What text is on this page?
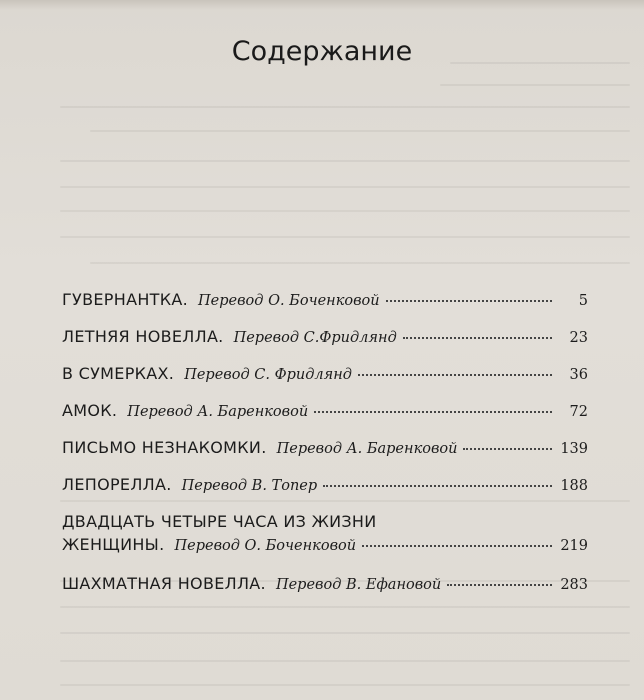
Содержание
ГУВЕРНАНТКА. Перевод О. Боченковой	5
ЛЕТНЯЯ НОВЕЛЛА. Перевод С.Фридлянд	23
В СУМЕРКАХ. Перевод С. Фридлянд	36
АМОК. Перевод А. Баренковой	72
ПИСЬМО НЕЗНАКОМКИ. Перевод А. Баренковой	139
ЛЕПОРЕЛЛА. Перевод В. Топер	188
ДВАДЦАТЬ ЧЕТЫРЕ ЧАСА ИЗ ЖИЗНИ
ЖЕНЩИНЫ. Перевод О. Боченковой	219
ШАХМАТНАЯ НОВЕЛЛА. Перевод В. Ефановой	283
